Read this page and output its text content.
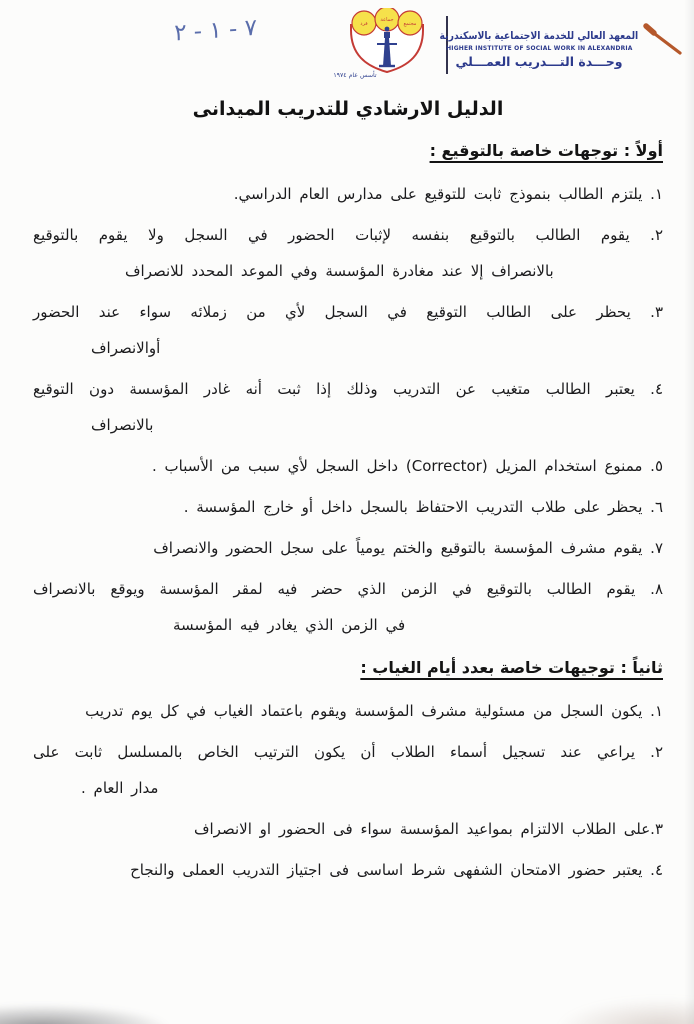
٧ - ١ - ٢	فرد
جماعة
مجتمع
تأسس عام ١٩٧٤
المعهد العالي للخدمة الاجتماعية بالاسكندرية
HIGHER INSTITUTE OF SOCIAL WORK IN ALEXANDRIA
وحـــدة التـــدريب العمـــلي
الدليل الارشادي للتدريب الميدانى
أولاً : توجهات خاصة بالتوقيع :
١. يلتزم الطالب بنموذج ثابت للتوقيع على مدارس العام الدراسي.
٢. يقوم الطالب بالتوقيع بنفسه لإثبات الحضور في السجل ولا يقوم بالتوقيع
بالانصراف إلا عند مغادرة المؤسسة وفي الموعد المحدد للانصراف
٣. يحظر على الطالب التوقيع في السجل لأي من زملائه سواء عند الحضور
أوالانصراف
٤. يعتبر الطالب متغيب عن التدريب وذلك إذا ثبت أنه غادر المؤسسة دون التوقيع
بالانصراف
٥. ممنوع استخدام المزيل (Corrector) داخل السجل لأي سبب من الأسباب .
٦. يحظر على طلاب التدريب الاحتفاظ بالسجل داخل أو خارج المؤسسة .
٧. يقوم مشرف المؤسسة بالتوقيع والختم يومياً على سجل الحضور والانصراف
٨. يقوم الطالب بالتوقيع في الزمن الذي حضر فيه لمقر المؤسسة ويوقع بالانصراف
في الزمن الذي يغادر فيه المؤسسة
ثانياً : توجيهات خاصة بعدد أيام الغياب :
١. يكون السجل من مسئولية مشرف المؤسسة ويقوم باعتماد الغياب في كل يوم تدريب
٢. يراعي عند تسجيل أسماء الطلاب أن يكون الترتيب الخاص بالمسلسل ثابت على
مدار العام .
٣.على الطلاب الالتزام بمواعيد المؤسسة سواء فى الحضور او الانصراف
٤. يعتبر حضور الامتحان الشفهى شرط اساسى فى اجتياز التدريب العملى والنجاح
